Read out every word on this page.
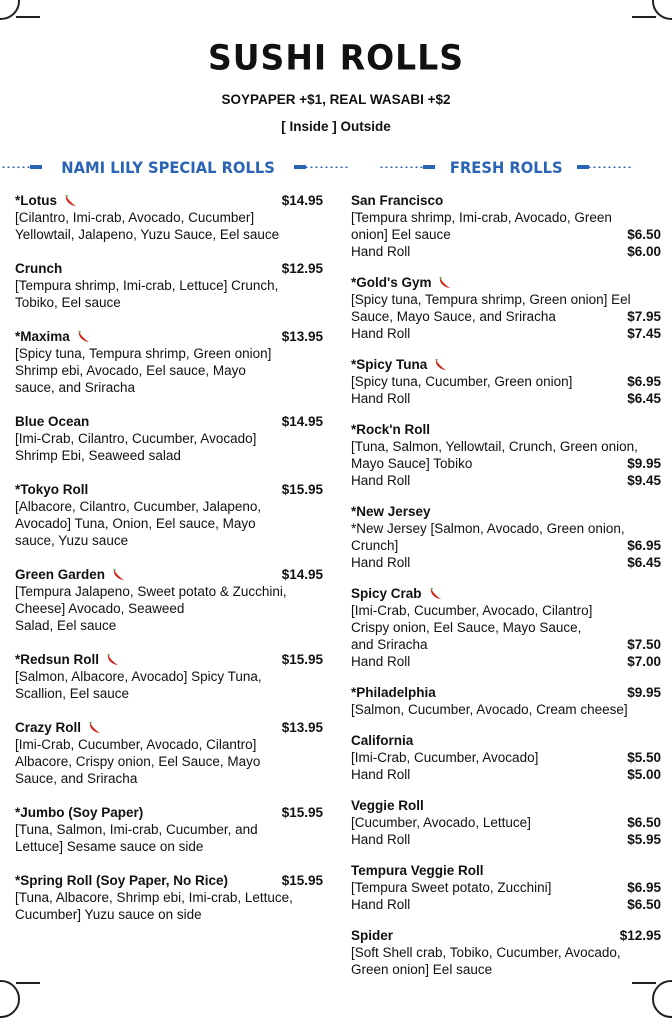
SUSHI ROLLS
SOYPAPER +$1, REAL WASABI +$2
[ Inside ] Outside
NAMI LILY SPECIAL ROLLS	FRESH ROLLS
*Lotus	$14.95
[Cilantro, Imi-crab, Avocado, Cucumber]
Yellowtail, Jalapeno, Yuzu Sauce, Eel sauce
Crunch	$12.95
[Tempura shrimp, Imi-crab, Lettuce] Crunch,
Tobiko, Eel sauce
*Maxima	$13.95
[Spicy tuna, Tempura shrimp, Green onion]
Shrimp ebi, Avocado, Eel sauce, Mayo
sauce, and Sriracha
Blue Ocean	$14.95
[Imi-Crab, Cilantro, Cucumber, Avocado]
Shrimp Ebi, Seaweed salad
*Tokyo Roll	$15.95
[Albacore, Cilantro, Cucumber, Jalapeno,
Avocado] Tuna, Onion, Eel sauce, Mayo
sauce, Yuzu sauce
Green Garden	$14.95
[Tempura Jalapeno, Sweet potato & Zucchini,
Cheese] Avocado, Seaweed
Salad, Eel sauce
*Redsun Roll	$15.95
[Salmon, Albacore, Avocado] Spicy Tuna,
Scallion, Eel sauce
Crazy Roll	$13.95
[Imi-Crab, Cucumber, Avocado, Cilantro]
Albacore, Crispy onion, Eel Sauce, Mayo
Sauce, and Sriracha
*Jumbo (Soy Paper)	$15.95
[Tuna, Salmon, Imi-crab, Cucumber, and
Lettuce] Sesame sauce on side
*Spring Roll (Soy Paper, No Rice)	$15.95
[Tuna, Albacore, Shrimp ebi, Imi-crab, Lettuce,
Cucumber] Yuzu sauce on side
San Francisco
[Tempura shrimp, Imi-crab, Avocado, Green
onion] Eel sauce	$6.50
Hand Roll	$6.00
*Gold's Gym
[Spicy tuna, Tempura shrimp, Green onion] Eel
Sauce, Mayo Sauce, and Sriracha	$7.95
Hand Roll	$7.45
*Spicy Tuna
[Spicy tuna, Cucumber, Green onion]	$6.95
Hand Roll	$6.45
*Rock'n Roll
[Tuna, Salmon, Yellowtail, Crunch, Green onion,
Mayo Sauce] Tobiko	$9.95
Hand Roll	$9.45
*New Jersey
*New Jersey [Salmon, Avocado, Green onion,
Crunch]	$6.95
Hand Roll	$6.45
Spicy Crab
[Imi-Crab, Cucumber, Avocado, Cilantro]
Crispy onion, Eel Sauce, Mayo Sauce,
and Sriracha	$7.50
Hand Roll	$7.00
*Philadelphia	$9.95
[Salmon, Cucumber, Avocado, Cream cheese]
California
[Imi-Crab, Cucumber, Avocado]	$5.50
Hand Roll	$5.00
Veggie Roll
[Cucumber, Avocado, Lettuce]	$6.50
Hand Roll	$5.95
Tempura Veggie Roll
[Tempura Sweet potato, Zucchini]	$6.95
Hand Roll	$6.50
Spider	$12.95
[Soft Shell crab, Tobiko, Cucumber, Avocado,
Green onion] Eel sauce
